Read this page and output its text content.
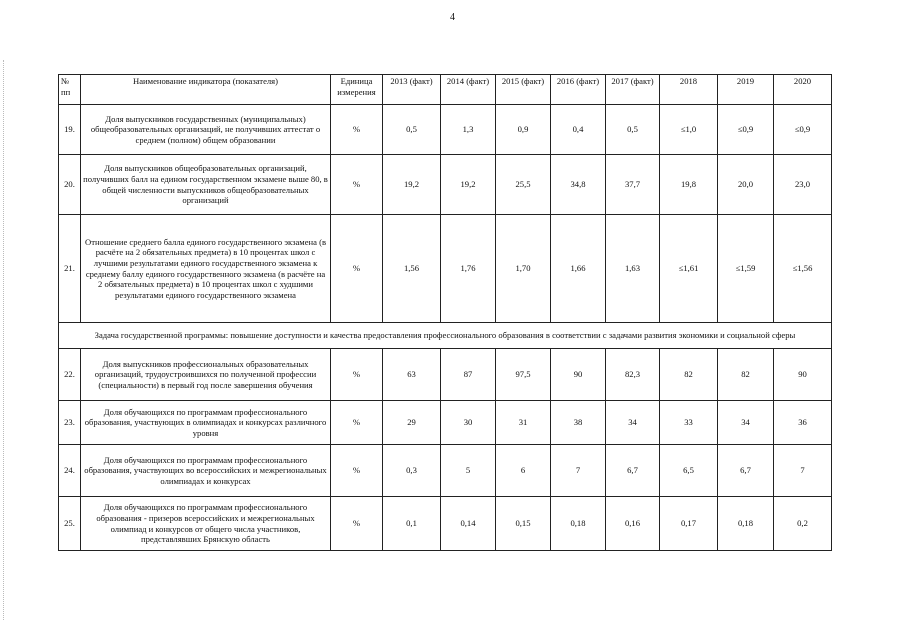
4
№ пп	Наименование индикатора (показателя)	Единица измерения	2013 (факт)	2014 (факт)	2015 (факт)	2016 (факт)	2017 (факт)	2018	2019	2020
19.	Доля выпускников государственных (муниципальных) общеобразовательных организаций, не получивших аттестат о среднем (полном) общем образовании	%	0,5	1,3	0,9	0,4	0,5	≤1,0	≤0,9	≤0,9
20.	Доля выпускников общеобразовательных организаций, получивших балл на едином государственном экзамене выше 80, в общей численности выпускников общеобразовательных организаций	%	19,2	19,2	25,5	34,8	37,7	19,8	20,0	23,0
21.	Отношение среднего балла единого государственного экзамена (в расчёте на 2 обязательных предмета) в 10 процентах школ с лучшими результатами единого государственного экзамена к среднему баллу единого государственного экзамена (в расчёте на 2 обязательных предмета) в 10 процентах школ с худшими результатами единого государственного экзамена	%	1,56	1,76	1,70	1,66	1,63	≤1,61	≤1,59	≤1,56
Задача государственной программы: повышение доступности и качества предоставления профессионального образования в соответствии с задачами развития экономики и социальной сферы										
22.	Доля выпускников профессиональных образовательных организаций, трудоустроившихся по полученной профессии (специальности) в первый год после завершения обучения	%	63	87	97,5	90	82,3	82	82	90
23.	Доля обучающихся по программам профессионального образования, участвующих в олимпиадах и конкурсах различного уровня	%	29	30	31	38	34	33	34	36
24.	Доля обучающихся по программам профессионального образования, участвующих во всероссийских и межрегиональных олимпиадах и конкурсах	%	0,3	5	6	7	6,7	6,5	6,7	7
25.	Доля обучающихся по программам профессионального образования - призеров всероссийских и межрегиональных олимпиад и конкурсов от общего числа участников, представлявших Брянскую область	%	0,1	0,14	0,15	0,18	0,16	0,17	0,18	0,2
